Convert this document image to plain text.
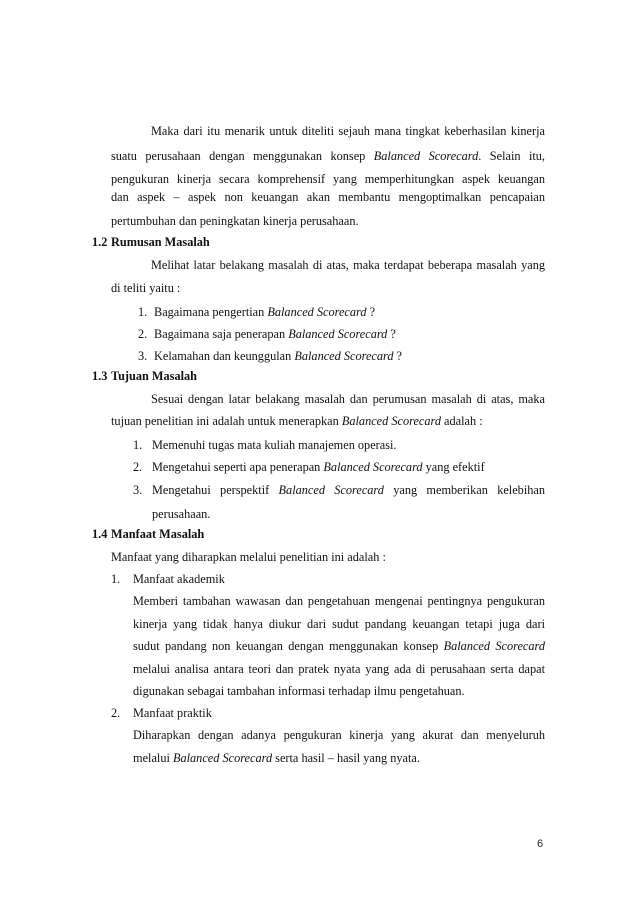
Maka dari itu menarik untuk diteliti sejauh mana tingkat keberhasilan kinerja
suatu perusahaan dengan menggunakan konsep Balanced Scorecard. Selain itu,
pengukuran kinerja secara komprehensif yang memperhitungkan aspek keuangan
dan aspek – aspek non keuangan akan membantu mengoptimalkan pencapaian
pertumbuhan dan peningkatan kinerja perusahaan.
1.2 Rumusan Masalah
Melihat latar belakang masalah di atas, maka terdapat beberapa masalah yang
di teliti yaitu :
1. Bagaimana pengertian Balanced Scorecard ?
2. Bagaimana saja penerapan Balanced Scorecard ?
3. Kelamahan dan keunggulan Balanced Scorecard ?
1.3 Tujuan Masalah
Sesuai dengan latar belakang masalah dan perumusan masalah di atas, maka
tujuan penelitian ini adalah untuk menerapkan Balanced Scorecard adalah :
1. Memenuhi tugas mata kuliah manajemen operasi.
2. Mengetahui seperti apa penerapan Balanced Scorecard yang efektif
3. Mengetahui perspektif Balanced Scorecard yang memberikan kelebihan
perusahaan.
1.4 Manfaat Masalah
Manfaat yang diharapkan melalui penelitian ini adalah :
1. Manfaat akademik
Memberi tambahan wawasan dan pengetahuan mengenai pentingnya pengukuran
kinerja yang tidak hanya diukur dari sudut pandang keuangan tetapi juga dari
sudut pandang non keuangan dengan menggunakan konsep Balanced Scorecard
melalui analisa antara teori dan pratek nyata yang ada di perusahaan serta dapat
digunakan sebagai tambahan informasi terhadap ilmu pengetahuan.
2. Manfaat praktik
Diharapkan dengan adanya pengukuran kinerja yang akurat dan menyeluruh
melalui Balanced Scorecard serta hasil – hasil yang nyata.
6
